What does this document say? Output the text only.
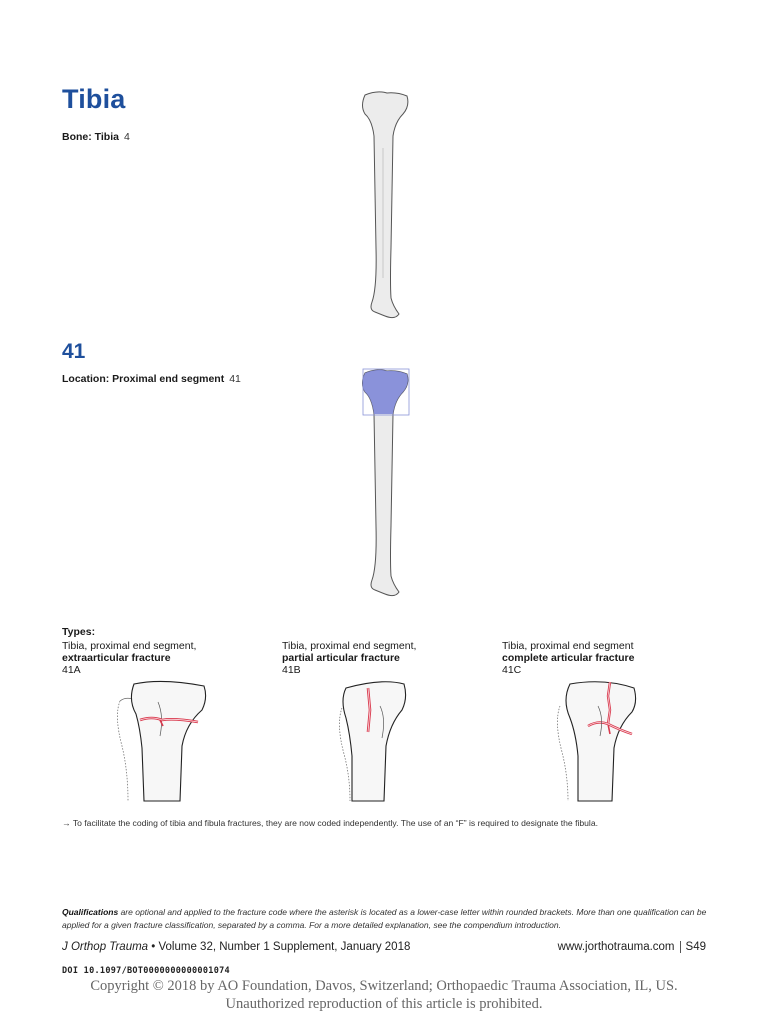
Tibia
Bone: Tibia 4
41
Location: Proximal end segment 41
Types:
Tibia, proximal end segment,
extraarticular fracture
41A
Tibia, proximal end segment,
partial articular fracture
41B
Tibia, proximal end segment
complete articular fracture
41C
→ To facilitate the coding of tibia and fibula fractures, they are now coded independently. The use of an “F” is required to designate the fibula.
Qualifications are optional and applied to the fracture code where the asterisk is located as a lower-case letter within rounded brackets. More than one qualification can be applied for a given fracture classification, separated by a comma. For a more detailed explanation, see the compendium introduction.
J Orthop Trauma • Volume 32, Number 1 Supplement, January 2018	www.jorthotrauma.com S49
DOI 10.1097/BOT0000000000001074
Copyright © 2018 by AO Foundation, Davos, Switzerland; Orthopaedic Trauma Association, IL, US.
Unauthorized reproduction of this article is prohibited.
